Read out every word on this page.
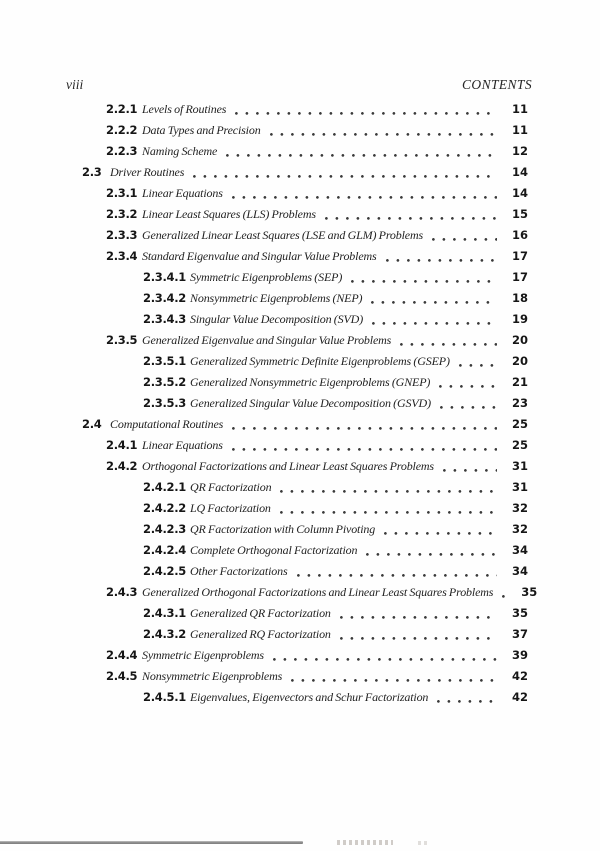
viii	CONTENTS
2.2.1 Levels of Routines	11
2.2.2 Data Types and Precision	11
2.2.3 Naming Scheme	12
2.3 Driver Routines	14
2.3.1 Linear Equations	14
2.3.2 Linear Least Squares (LLS) Problems	15
2.3.3 Generalized Linear Least Squares (LSE and GLM) Problems	16
2.3.4 Standard Eigenvalue and Singular Value Problems	17
2.3.4.1 Symmetric Eigenproblems (SEP)	17
2.3.4.2 Nonsymmetric Eigenproblems (NEP)	18
2.3.4.3 Singular Value Decomposition (SVD)	19
2.3.5 Generalized Eigenvalue and Singular Value Problems	20
2.3.5.1 Generalized Symmetric Definite Eigenproblems (GSEP)	20
2.3.5.2 Generalized Nonsymmetric Eigenproblems (GNEP)	21
2.3.5.3 Generalized Singular Value Decomposition (GSVD)	23
2.4 Computational Routines	25
2.4.1 Linear Equations	25
2.4.2 Orthogonal Factorizations and Linear Least Squares Problems	31
2.4.2.1 QR Factorization	31
2.4.2.2 LQ Factorization	32
2.4.2.3 QR Factorization with Column Pivoting	32
2.4.2.4 Complete Orthogonal Factorization	34
2.4.2.5 Other Factorizations	34
2.4.3 Generalized Orthogonal Factorizations and Linear Least Squares Problems	35
2.4.3.1 Generalized QR Factorization	35
2.4.3.2 Generalized RQ Factorization	37
2.4.4 Symmetric Eigenproblems	39
2.4.5 Nonsymmetric Eigenproblems	42
2.4.5.1 Eigenvalues, Eigenvectors and Schur Factorization	42
